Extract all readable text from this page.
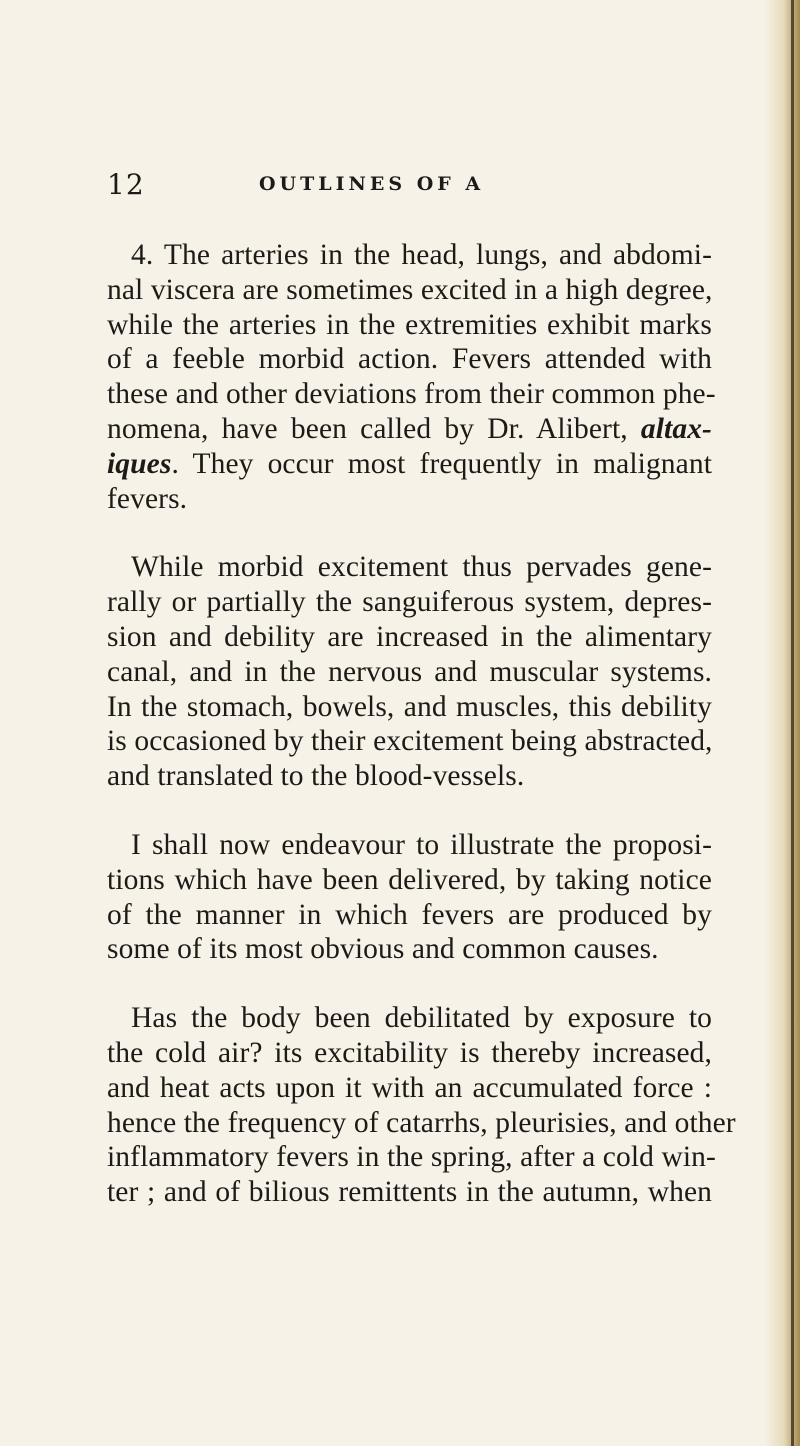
12	OUTLINES OF A
4. The arteries in the head, lungs, and abdomi-
nal viscera are sometimes excited in a high degree,
while the arteries in the extremities exhibit marks
of a feeble morbid action. Fevers attended with
these and other deviations from their common phe-
nomena, have been called by Dr. Alibert, altax-
iques. They occur most frequently in malignant
fevers.
While morbid excitement thus pervades gene-
rally or partially the sanguiferous system, depres-
sion and debility are increased in the alimentary
canal, and in the nervous and muscular systems.
In the stomach, bowels, and muscles, this debility
is occasioned by their excitement being abstracted,
and translated to the blood-vessels.
I shall now endeavour to illustrate the proposi-
tions which have been delivered, by taking notice
of the manner in which fevers are produced by
some of its most obvious and common causes.
Has the body been debilitated by exposure to
the cold air? its excitability is thereby increased,
and heat acts upon it with an accumulated force :
hence the frequency of catarrhs, pleurisies, and other
inflammatory fevers in the spring, after a cold win-
ter ; and of bilious remittents in the autumn, when
